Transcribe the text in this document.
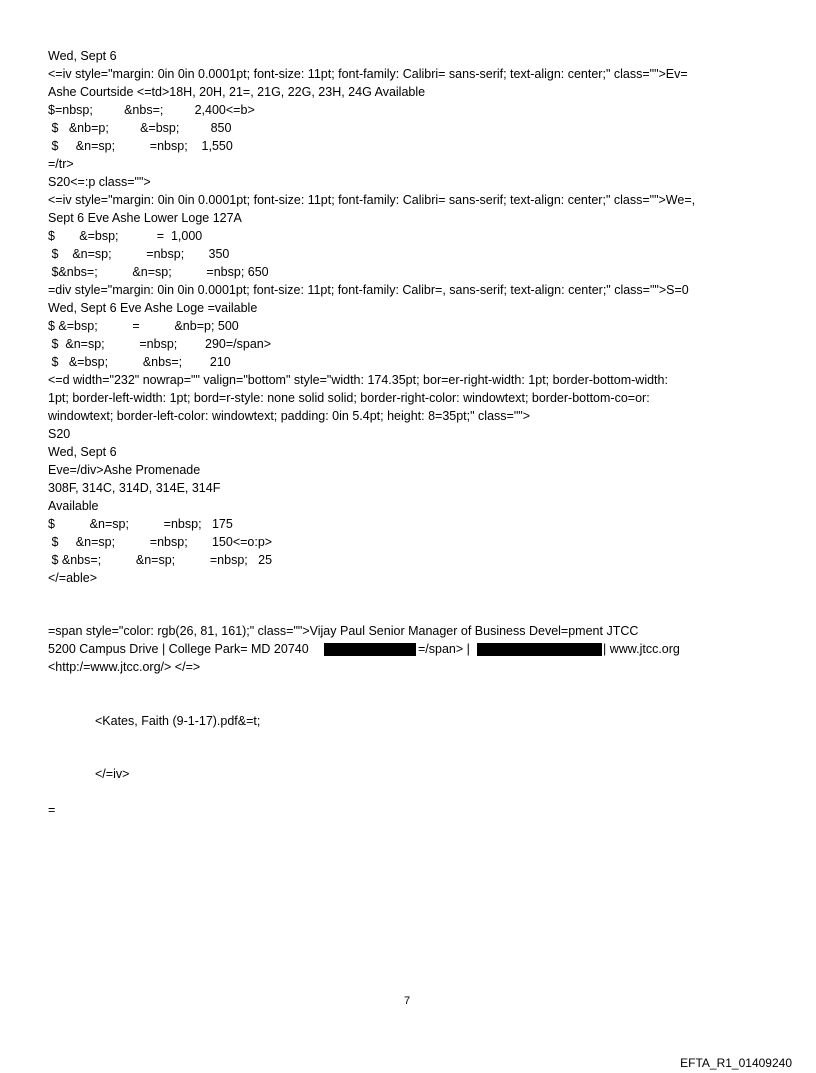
Wed, Sept 6
<=iv style="margin: 0in 0in 0.0001pt; font-size: 11pt; font-family: Calibri= sans-serif; text-align: center;" class="">Ev=
Ashe Courtside <=td>18H, 20H, 21=, 21G, 22G, 23H, 24G Available
$=nbsp;         &nbs=;         2,400<=b>
$   &nb=p;         &=bsp;         850
$     &n=sp;          =nbsp;    1,550
=/tr>
S20<=:p class="">
<=iv style="margin: 0in 0in 0.0001pt; font-size: 11pt; font-family: Calibri= sans-serif; text-align: center;" class="">We=,
Sept 6 Eve Ashe Lower Loge 127A
$       &=bsp;           =  1,000
$    &n=sp;          =nbsp;       350
$&nbs=;          &n=sp;          =nbsp; 650
=div style="margin: 0in 0in 0.0001pt; font-size: 11pt; font-family: Calibr=, sans-serif; text-align: center;" class="">S=0
Wed, Sept 6 Eve Ashe Loge =vailable
$ &=bsp;          =          &nb=p; 500
$  &n=sp;          =nbsp;        290=/span>
$   &=bsp;          &nbs=;        210
<=d width="232" nowrap="" valign="bottom" style="width: 174.35pt; bor=er-right-width: 1pt; border-bottom-width:
1pt; border-left-width: 1pt; bord=r-style: none solid solid; border-right-color: windowtext; border-bottom-co=or:
windowtext; border-left-color: windowtext; padding: 0in 5.4pt; height: 8=35pt;" class="">
S20
Wed, Sept 6
Eve=/div>Ashe Promenade
308F, 314C, 314D, 314E, 314F
Available
$          &n=sp;          =nbsp;   175
$     &n=sp;          =nbsp;       150<=o:p>
$ &nbs=;          &n=sp;          =nbsp;   25
</=able>
=span style="color: rgb(26, 81, 161);" class="">Vijay Paul Senior Manager of Business Devel=pment JTCC
5200 Campus Drive | College Park= MD 20740	=/span> |	| www.jtcc.org
<http:/=www.jtcc.org/> </=>
<Kates, Faith (9-1-17).pdf&=t;
</=iv>
=
7
EFTA_R1_01409240
